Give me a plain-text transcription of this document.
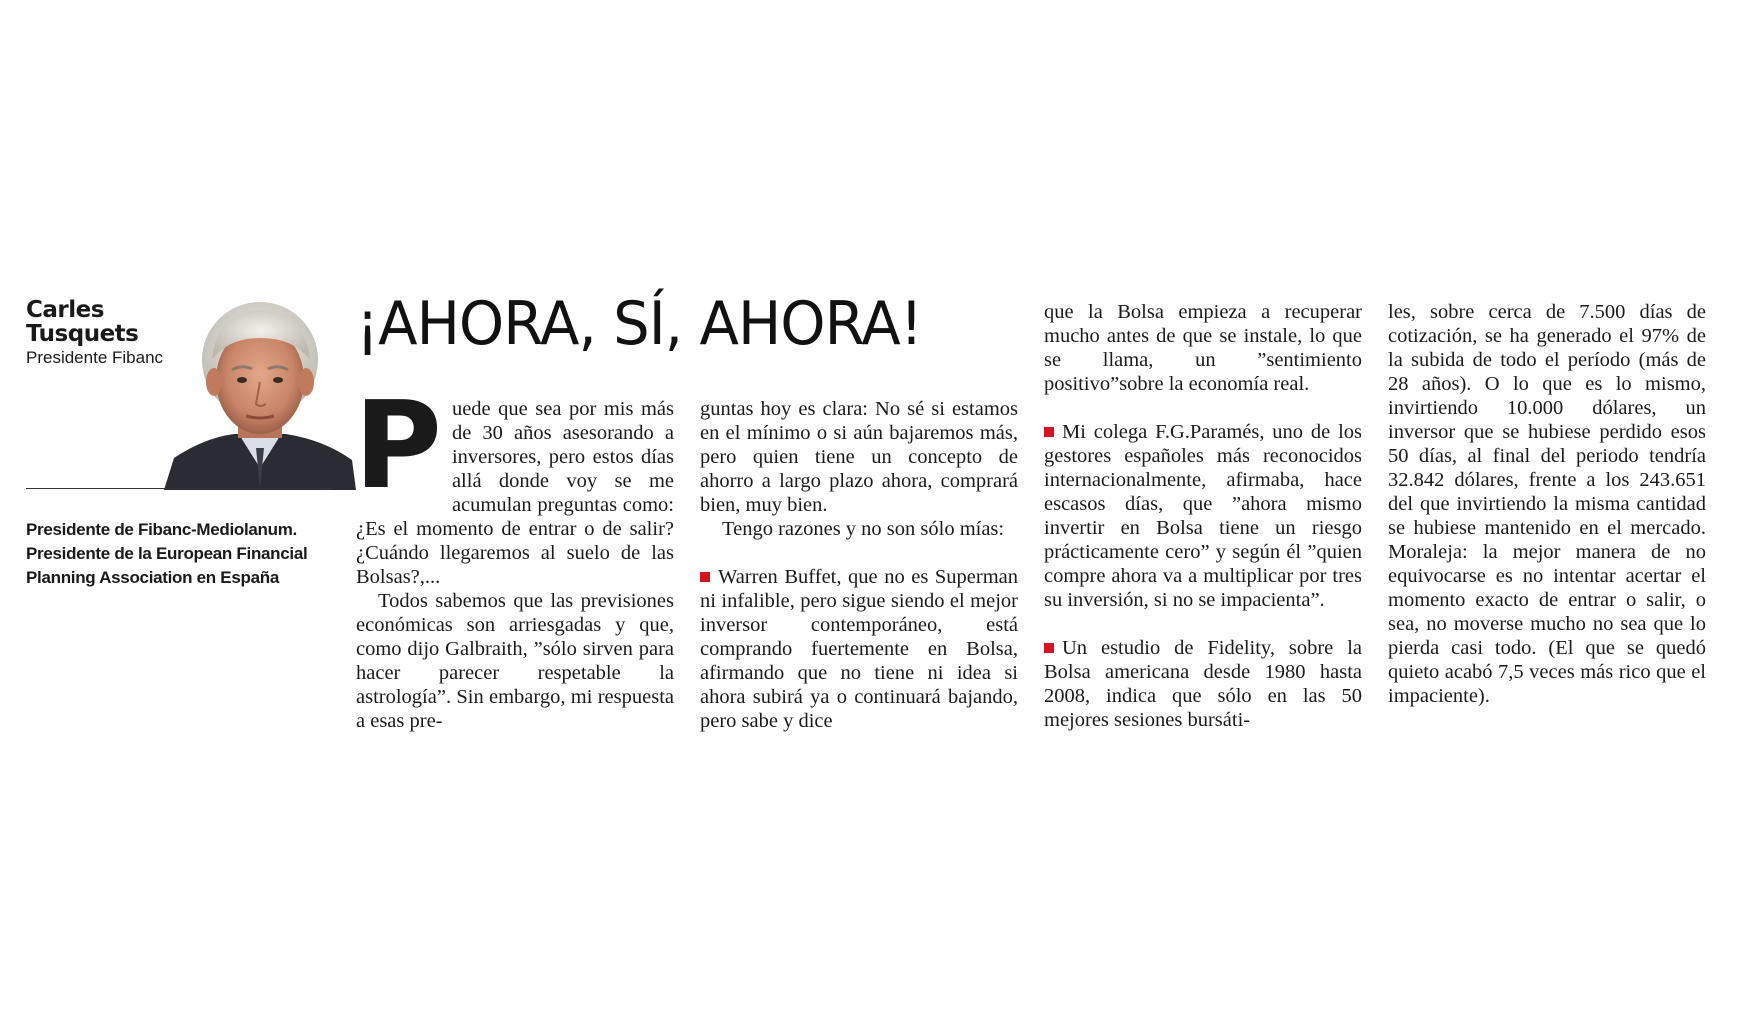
Carles

Tusquets

Presidente Fibanc

Presidente de Fibanc-Mediolanum.

Presidente de la European Financial

Planning Association en España

¡AHORA, SÍ, AHORA!
P uede que sea por mis más de 30 años asesorando a inversores, pero estos días allá donde voy se me acumulan preguntas como: ¿Es el momento de entrar o de salir? ¿Cuándo llegaremos al suelo de las Bolsas?,...

Todos sabemos que las previsiones económicas son arriesgadas y que, como dijo Galbraith, ”sólo sirven para hacer parecer respetable la astrología”. Sin embargo, mi respuesta a esas pre-

guntas hoy es clara: No sé si estamos en el mínimo o si aún bajaremos más, pero quien tiene un concepto de ahorro a largo plazo ahora, comprará bien, muy bien.

Tengo razones y no son sólo mías:

Warren Buffet, que no es Superman ni infalible, pero sigue siendo el mejor inversor contemporáneo, está comprando fuertemente en Bolsa, afirmando que no tiene ni idea si ahora subirá ya o continuará bajando, pero sabe y dice

que la Bolsa empieza a recuperar mucho antes de que se instale, lo que se llama, un ”sentimiento positivo”sobre la economía real.

Mi colega F.G.Paramés, uno de los gestores españoles más reconocidos internacionalmente, afirmaba, hace escasos días, que ”ahora mismo invertir en Bolsa tiene un riesgo prácticamente cero” y según él ”quien compre ahora va a multiplicar por tres su inversión, si no se impacienta”.

Un estudio de Fidelity, sobre la Bolsa americana desde 1980 hasta 2008, indica que sólo en las 50 mejores sesiones bursáti-

les, sobre cerca de 7.500 días de cotización, se ha generado el 97% de la subida de todo el período (más de 28 años). O lo que es lo mismo, invirtiendo 10.000 dólares, un inversor que se hubiese perdido esos 50 días, al final del periodo tendría 32.842 dólares, frente a los 243.651 del que invirtiendo la misma cantidad se hubiese mantenido en el mercado. Moraleja: la mejor manera de no equivocarse es no intentar acertar el momento exacto de entrar o salir, o sea, no moverse mucho no sea que lo pierda casi todo. (El que se quedó quieto acabó 7,5 veces más rico que el impaciente).
